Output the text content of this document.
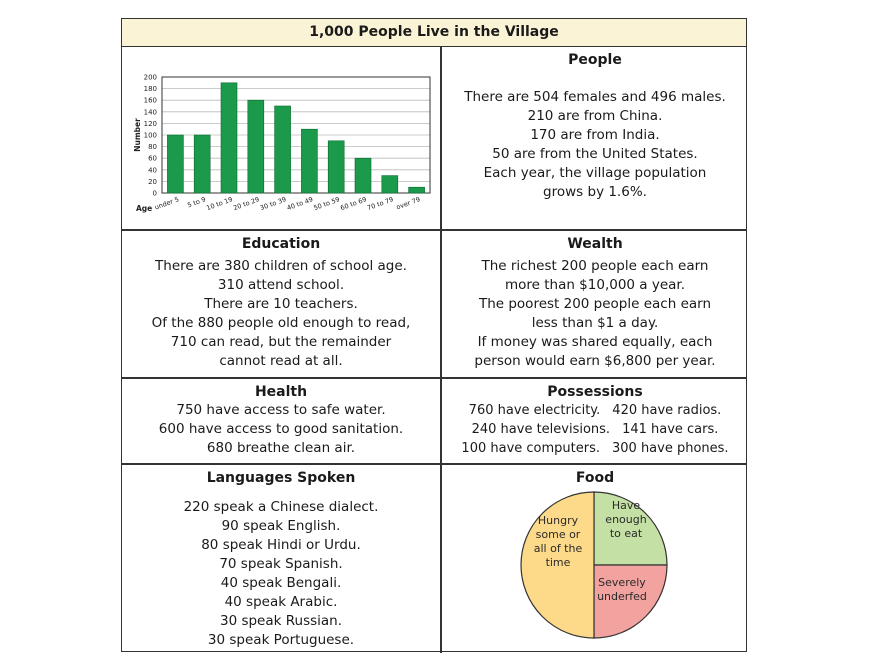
1,000 People Live in the Village
0
20
40
60
80
100
120
140
160
180
200
under 5 5 to 9
10 to 19
20 to 29
30 to 39
40 to 49
50 to 59
60 to 69
70 to 79 over 79
Number
Age
People
There are 504 females and 496 males.
210 are from China.
170 are from India.
50 are from the United States.
Each year, the village population
grows by 1.6%.
Education
There are 380 children of school age.
310 attend school.
There are 10 teachers.
Of the 880 people old enough to read,
710 can read, but the remainder
cannot read at all.
Wealth
The richest 200 people each earn
more than $10,000 a year.
The poorest 200 people each earn
less than $1 a day.
If money was shared equally, each
person would earn $6,800 per year.
Health
750 have access to safe water.
600 have access to good sanitation.
680 breathe clean air.
Possessions
760 have electricity. 420 have radios.
240 have televisions. 141 have cars.
100 have computers. 300 have phones.
Languages Spoken
220 speak a Chinese dialect.
90 speak English.
80 speak Hindi or Urdu.
70 speak Spanish.
40 speak Bengali.
40 speak Arabic.
30 speak Russian.
30 speak Portuguese.
Food
Have
enough
to eat
Severely
underfed
Hungry
some or
all of the
time
